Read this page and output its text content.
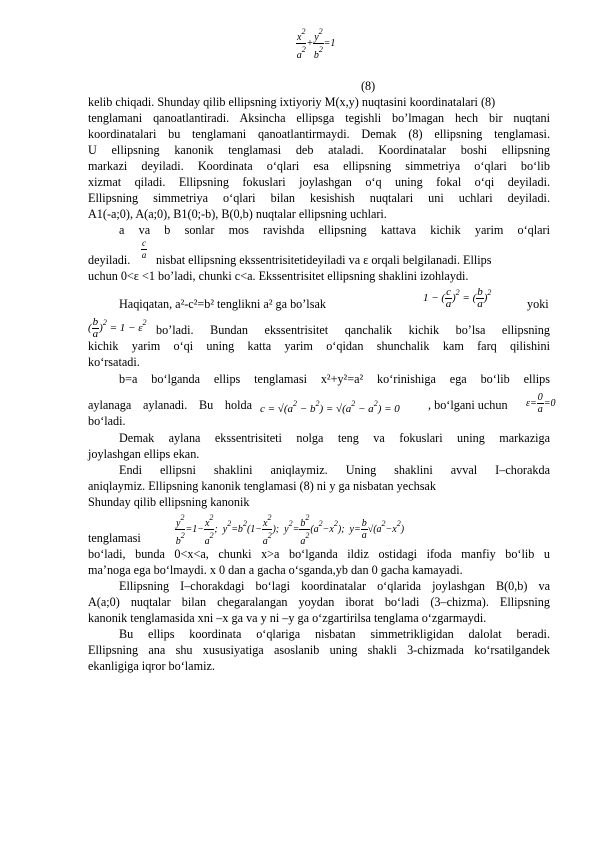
$\frac{x^2}{a^2} + \frac{y^2}{b^2} =1$
(8)
kelib chiqadi. Shunday qilib ellipsning ixtiyoriy M(x,y) nuqtasini koordinatalari (8)
tenglamani qanoatlantiradi. Aksincha ellipsga tegishli bo’lmagan hech bir nuqtani
koordinatalari bu tenglamani qanoatlantirmaydi. Demak (8) ellipsning tenglamasi.
U ellipsning kanonik tenglamasi deb ataladi. Koordinatalar boshi ellipsning
markazi deyiladi. Koordinata o‘qlari esa ellipsning simmetriya o‘qlari bo‘lib
xizmat qiladi. Ellipsning fokuslari joylashgan o‘q uning fokal o‘qi deyiladi.
Ellipsning simmetriya o‘qlari bilan kesishish nuqtalari uni uchlari deyiladi.
A1(-a;0), A(a;0), B1(0;-b), B(0,b) nuqtalar ellipsning uchlari.
a va b sonlar mos ravishda ellipsning kattava kichik yarim o‘qlari
deyiladi.	$\frac{c}{a}$ nisbat ellipsning ekssentrisitetideyiladi va ε orqali belgilanadi. Ellips
uchun 0<ε <1 bo’ladi, chunki c<a. Ekssentrisitet ellipsning shaklini izohlaydi.
Haqiqatan, a²-c²=b² tenglikni a² ga bo’lsak	1 − ( $\frac{c}{a} )^2$ = ( $\frac{b}{a} )^2$
yoki
( $\frac{b}{a} )^2 = 1 - \varepsilon^2$
bo’ladi. Bundan ekssentrisitet qanchalik kichik bo’lsa ellipsning
kichik yarim o‘qi uning katta yarim o‘qidan shunchalik kam farq qilishini
ko‘rsatadi.
b=a bo‘lganda ellips tenglamasi x²+y²=a² ko‘rinishiga ega bo‘lib ellips
aylanaga aylanadi. Bu holda $c = √(a^2 - b^2) = √(a^2 - a^2) = 0$ , bo‘lgani uchun	$\varepsilon= \frac{0}{a} =0$
bo‘ladi.
Demak aylana ekssentrisiteti nolga teng va fokuslari uning markaziga
joylashgan ellips ekan.
Endi ellipsni shaklini aniqlaymiz. Uning shaklini avval I–chorakda
aniqlaymiz. Ellipsning kanonik tenglamasi (8) ni y ga nisbatan yechsak
Shunday qilib ellipsning kanonik
$\frac{y^2}{b^2} =1- \frac{x^2}{a^2}$ ;  $y^2=b^2(1- \frac{x^2}{a^2}$ );  $y^2= \frac{b^2}{a^2} (a^2-x^2)$;  $y= \frac{b}{a} √(a^2-x^2)$
tenglamasi
bo‘ladi, bunda 0<x<a, chunki x>a bo‘lganda ildiz ostidagi ifoda manfiy bo‘lib u
ma’noga ega bo‘lmaydi. x 0 dan a gacha o‘sganda,yb dan 0 gacha kamayadi.
Ellipsning I–chorakdagi bo‘lagi koordinatalar o‘qlarida joylashgan B(0,b) va
A(a;0) nuqtalar bilan chegaralangan yoydan iborat bo‘ladi (3–chizma). Ellipsning
kanonik tenglamasida xni –x ga va y ni –y ga o‘zgartirilsa tenglama o‘zgarmaydi.
Bu ellips koordinata o‘qlariga nisbatan simmetrikligidan dalolat beradi.
Ellipsning ana shu xususiyatiga asoslanib uning shakli 3-chizmada ko‘rsatilgandek
ekanligiga iqror bo‘lamiz.
